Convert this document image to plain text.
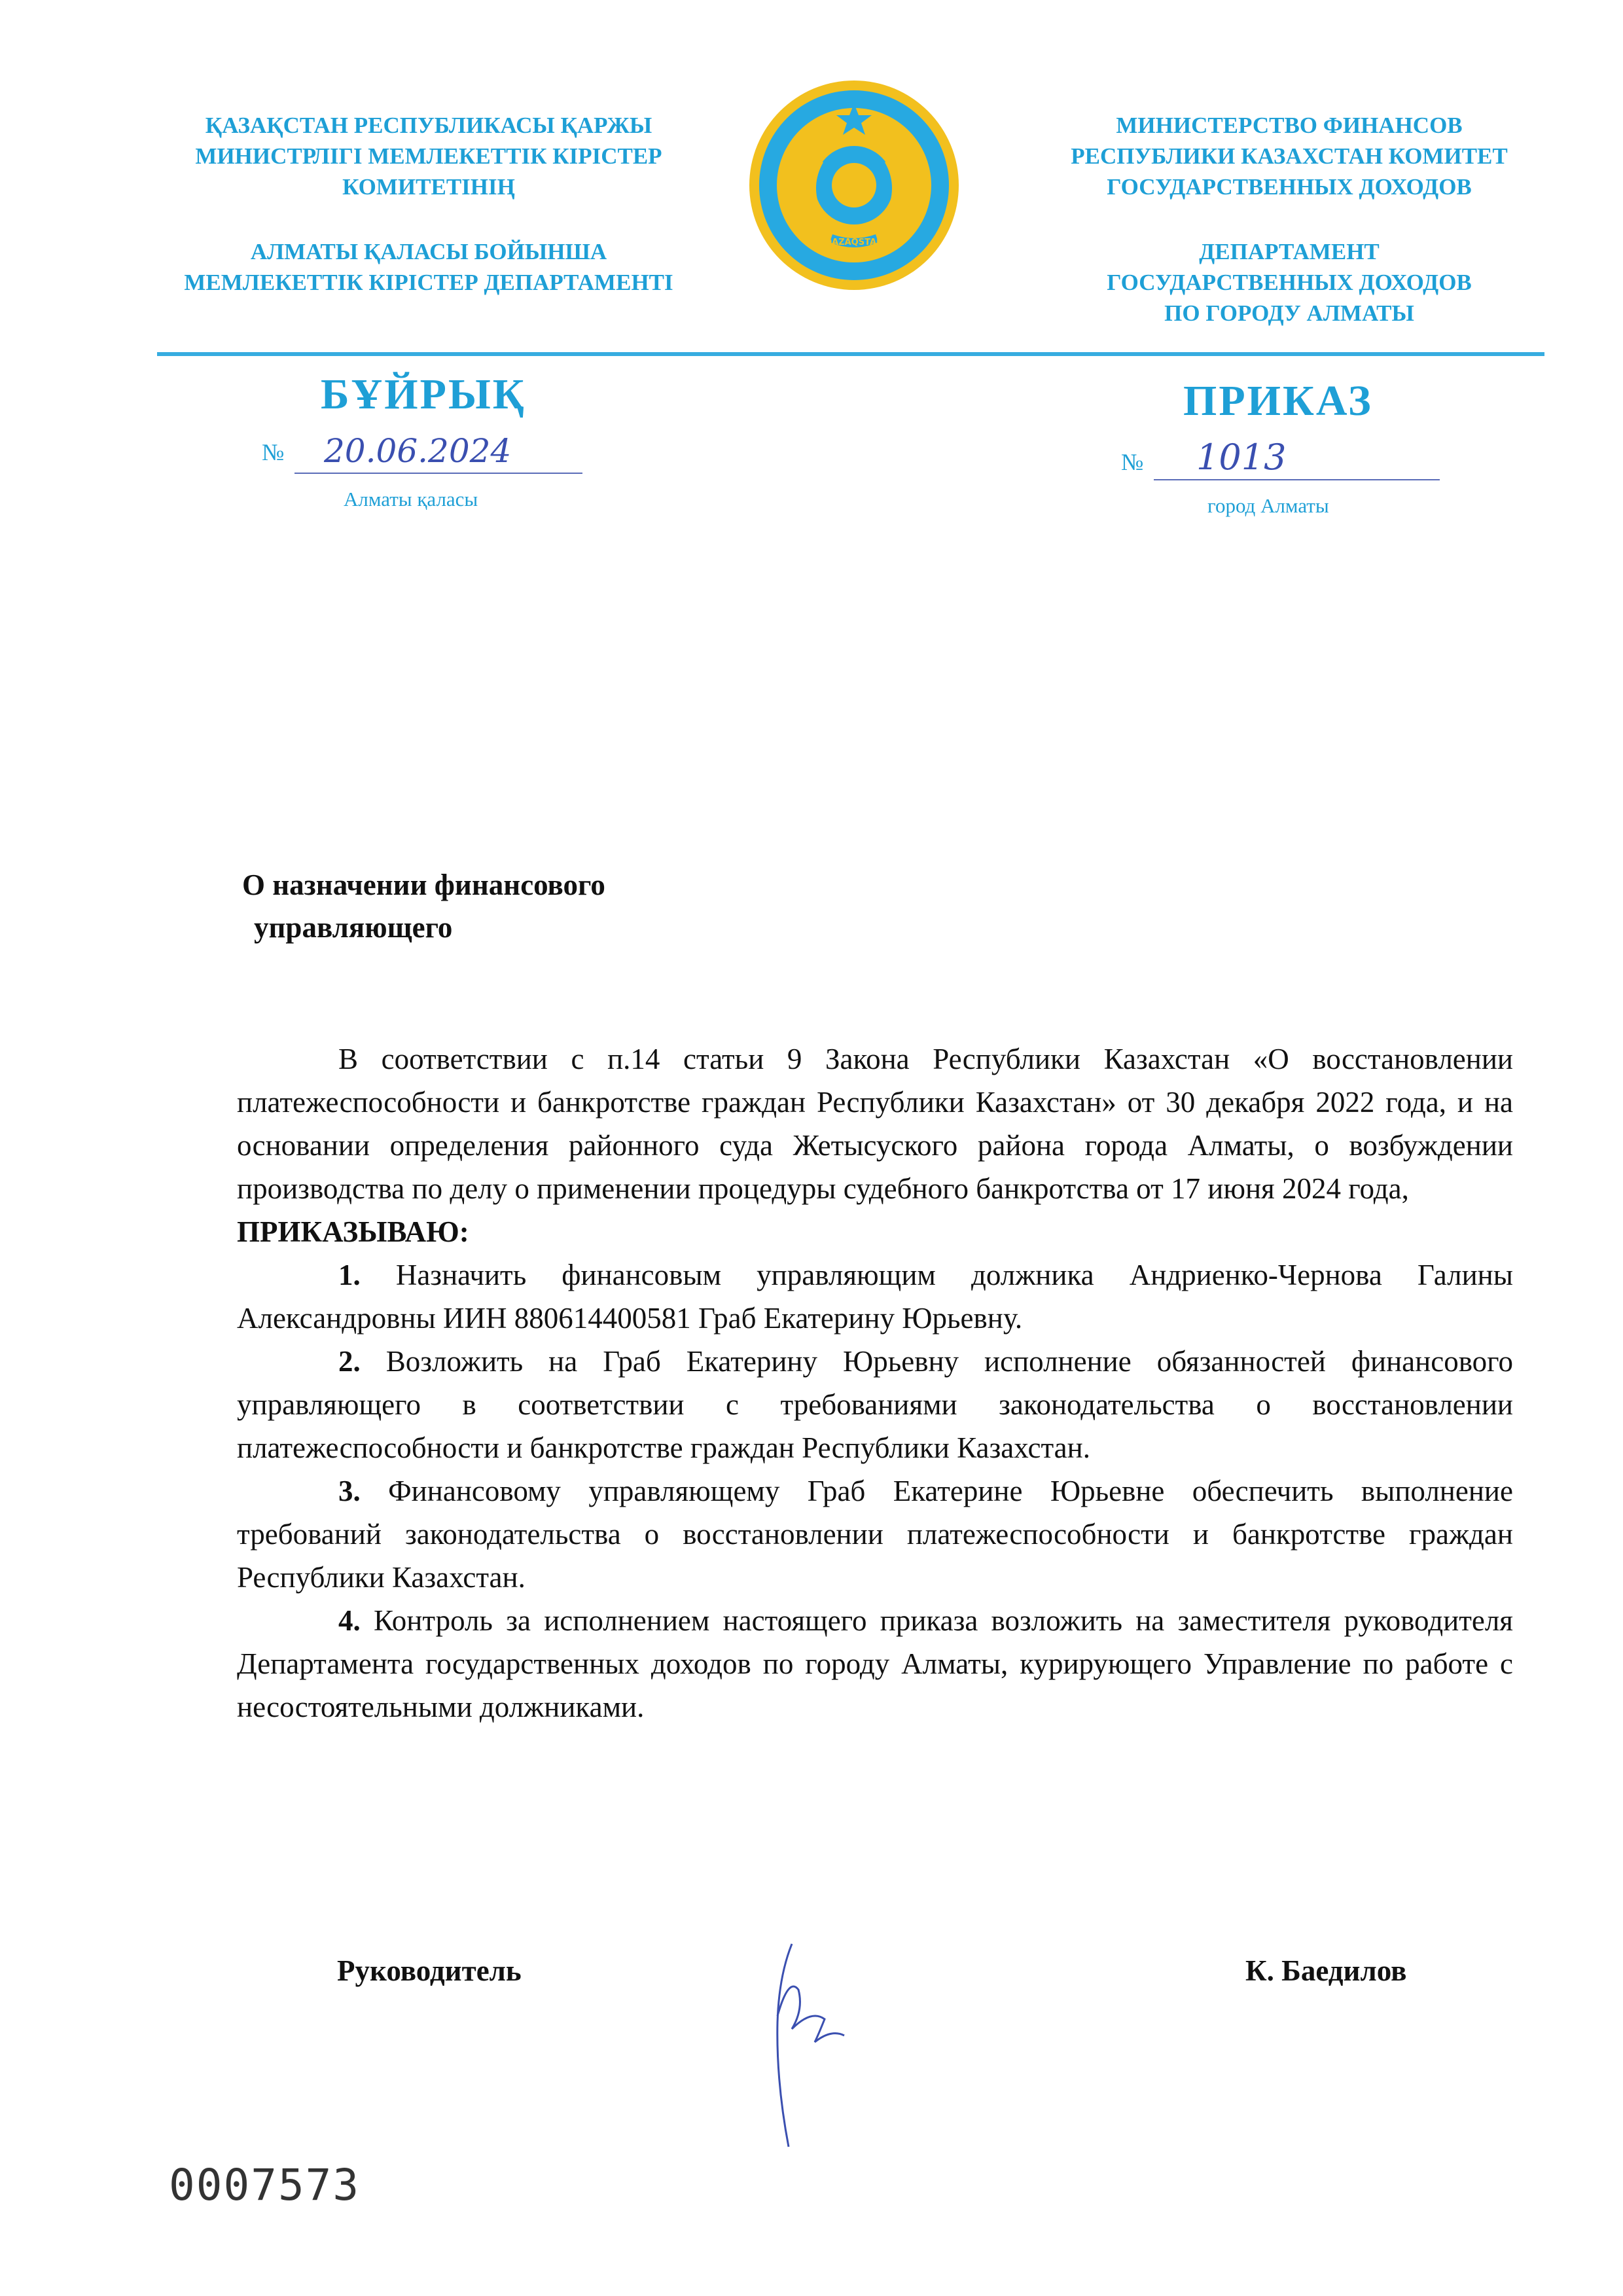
ҚАЗАҚСТАН РЕСПУБЛИКАСЫ ҚАРЖЫ
МИНИСТРЛІГІ МЕМЛЕКЕТТІК КІРІСТЕР
КОМИТЕТІНІҢ
АЛМАТЫ ҚАЛАСЫ БОЙЫНША
МЕМЛЕКЕТТІК КІРІСТЕР ДЕПАРТАМЕНТІ
QAZAQSTAN
МИНИСТЕРСТВО ФИНАНСОВ
РЕСПУБЛИКИ КАЗАХСТАН КОМИТЕТ
ГОСУДАРСТВЕННЫХ ДОХОДОВ
ДЕПАРТАМЕНТ
ГОСУДАРСТВЕННЫХ ДОХОДОВ
ПО ГОРОДУ АЛМАТЫ
БҰЙРЫҚ	ПРИКАЗ
№ 20.06.2024	№ 1013
Алматы қаласы	город Алматы
О назначении финансового
управляющего

В соответствии с п.14 статьи 9 Закона Республики Казахстан «О восстановлении платежеспособности и банкротстве граждан Республики Казахстан» от 30 декабря 2022 года, и на основании определения районного суда Жетысуского района города Алматы, о возбуждении производства по делу о применении процедуры судебного банкротства от 17 июня 2024 года,

ПРИКАЗЫВАЮ:

1. Назначить финансовым управляющим должника Андриенко-Чернова Галины Александровны ИИН 880614400581 Граб Екатерину Юрьевну.

2. Возложить на Граб Екатерину Юрьевну исполнение обязанностей финансового управляющего в соответствии с требованиями законодательства о восстановлении платежеспособности и банкротстве граждан Республики Казахстан.

3. Финансовому управляющему Граб Екатерине Юрьевне обеспечить выполнение требований законодательства о восстановлении платежеспособности и банкротстве граждан Республики Казахстан.

4. Контроль за исполнением настоящего приказа возложить на заместителя руководителя Департамента государственных доходов по городу Алматы, курирующего Управление по работе с несостоятельными должниками.

Руководитель	К. Баедилов
0007573
